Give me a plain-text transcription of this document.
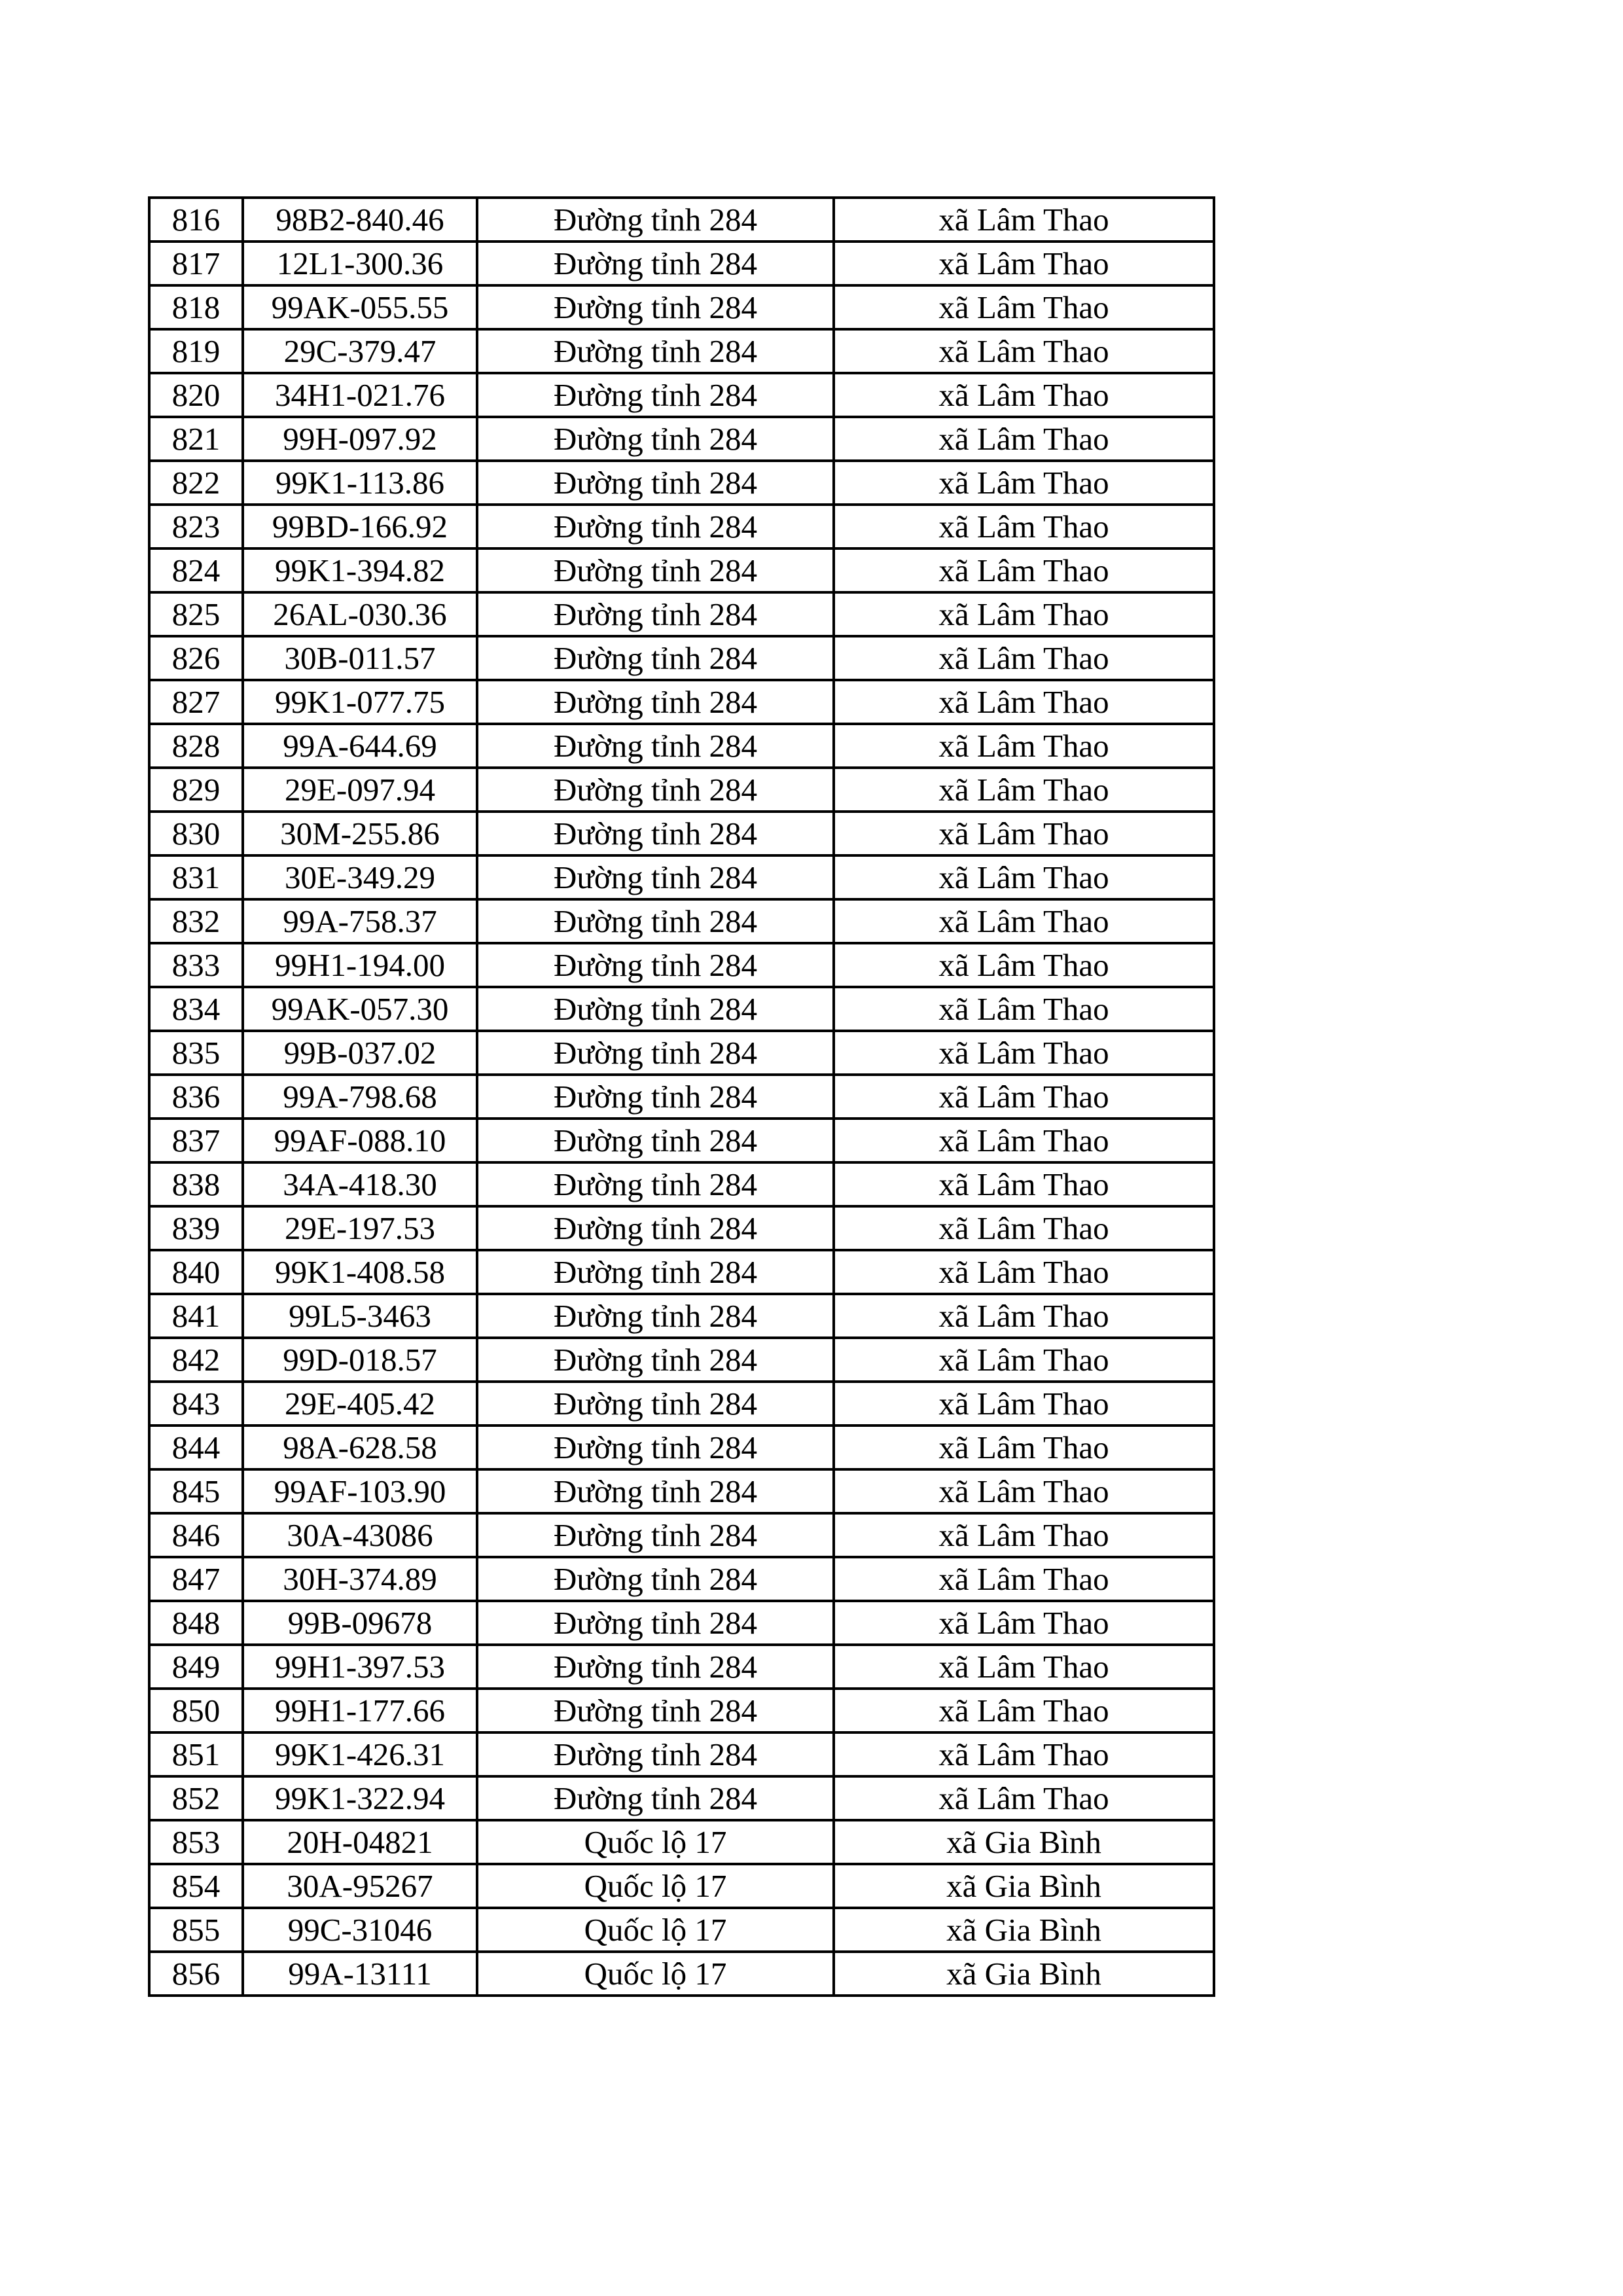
816	98B2-840.46	Đường tỉnh 284	xã Lâm Thao
817	12L1-300.36	Đường tỉnh 284	xã Lâm Thao
818	99AK-055.55	Đường tỉnh 284	xã Lâm Thao
819	29C-379.47	Đường tỉnh 284	xã Lâm Thao
820	34H1-021.76	Đường tỉnh 284	xã Lâm Thao
821	99H-097.92	Đường tỉnh 284	xã Lâm Thao
822	99K1-113.86	Đường tỉnh 284	xã Lâm Thao
823	99BD-166.92	Đường tỉnh 284	xã Lâm Thao
824	99K1-394.82	Đường tỉnh 284	xã Lâm Thao
825	26AL-030.36	Đường tỉnh 284	xã Lâm Thao
826	30B-011.57	Đường tỉnh 284	xã Lâm Thao
827	99K1-077.75	Đường tỉnh 284	xã Lâm Thao
828	99A-644.69	Đường tỉnh 284	xã Lâm Thao
829	29E-097.94	Đường tỉnh 284	xã Lâm Thao
830	30M-255.86	Đường tỉnh 284	xã Lâm Thao
831	30E-349.29	Đường tỉnh 284	xã Lâm Thao
832	99A-758.37	Đường tỉnh 284	xã Lâm Thao
833	99H1-194.00	Đường tỉnh 284	xã Lâm Thao
834	99AK-057.30	Đường tỉnh 284	xã Lâm Thao
835	99B-037.02	Đường tỉnh 284	xã Lâm Thao
836	99A-798.68	Đường tỉnh 284	xã Lâm Thao
837	99AF-088.10	Đường tỉnh 284	xã Lâm Thao
838	34A-418.30	Đường tỉnh 284	xã Lâm Thao
839	29E-197.53	Đường tỉnh 284	xã Lâm Thao
840	99K1-408.58	Đường tỉnh 284	xã Lâm Thao
841	99L5-3463	Đường tỉnh 284	xã Lâm Thao
842	99D-018.57	Đường tỉnh 284	xã Lâm Thao
843	29E-405.42	Đường tỉnh 284	xã Lâm Thao
844	98A-628.58	Đường tỉnh 284	xã Lâm Thao
845	99AF-103.90	Đường tỉnh 284	xã Lâm Thao
846	30A-43086	Đường tỉnh 284	xã Lâm Thao
847	30H-374.89	Đường tỉnh 284	xã Lâm Thao
848	99B-09678	Đường tỉnh 284	xã Lâm Thao
849	99H1-397.53	Đường tỉnh 284	xã Lâm Thao
850	99H1-177.66	Đường tỉnh 284	xã Lâm Thao
851	99K1-426.31	Đường tỉnh 284	xã Lâm Thao
852	99K1-322.94	Đường tỉnh 284	xã Lâm Thao
853	20H-04821	Quốc lộ 17	xã Gia Bình
854	30A-95267	Quốc lộ 17	xã Gia Bình
855	99C-31046	Quốc lộ 17	xã Gia Bình
856	99A-13111	Quốc lộ 17	xã Gia Bình
